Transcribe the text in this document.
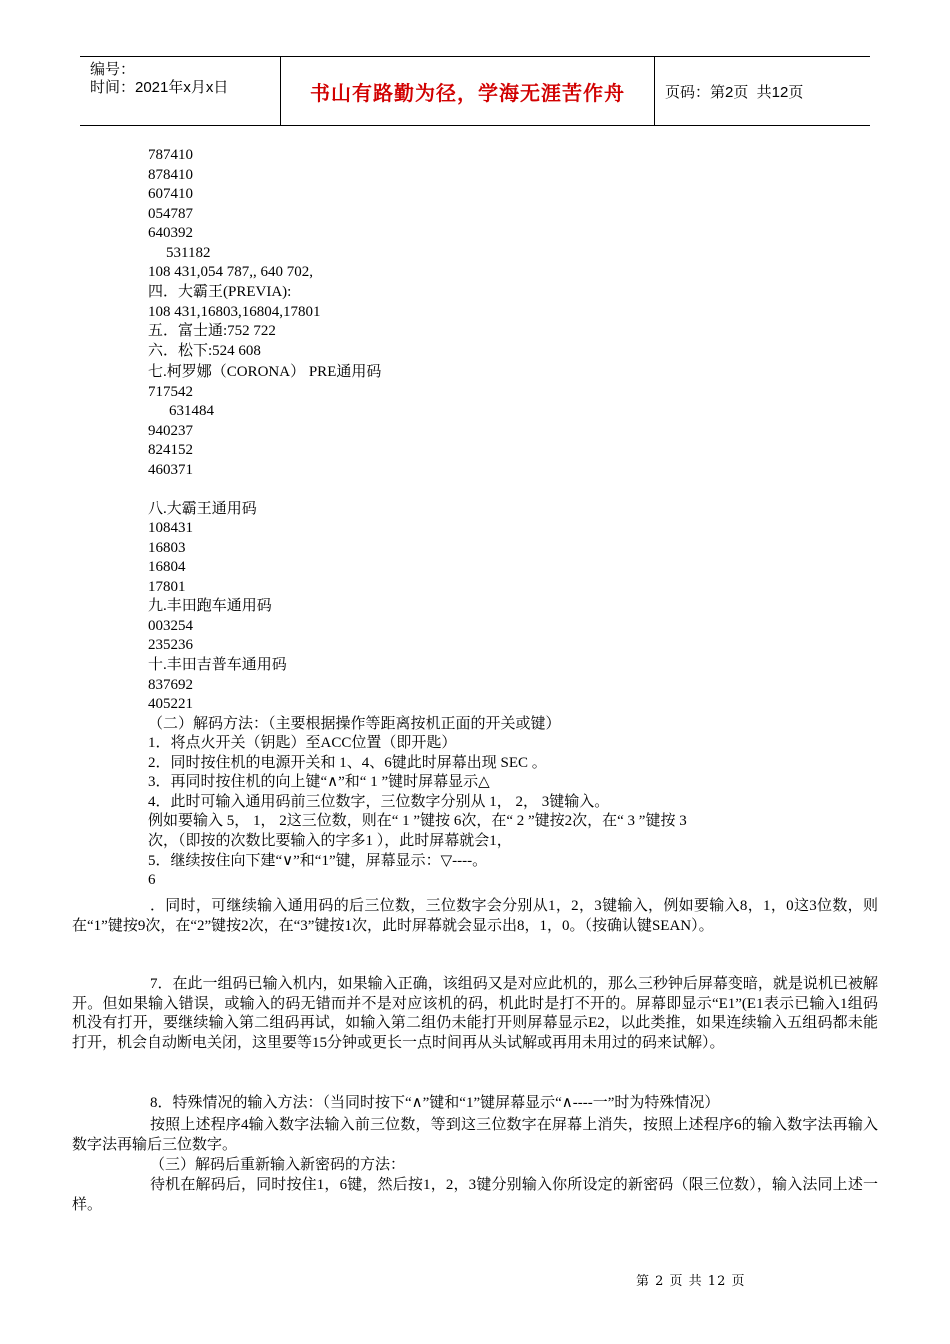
编号：
时间：2021年x月x日	书山有路勤为径，学海无涯苦作舟	页码：第2页  共12页
787410
878410
607410
054787
640392
531182
108 431,054 787,, 640 702,
四．大霸王(PREVIA):
108 431,16803,16804,17801
五．富士通:752 722
六．松下:524 608
七.柯罗娜（CORONA） PRE通用码
717542
631484
940237
824152
460371
八.大霸王通用码
108431
16803
16804
17801
九.丰田跑车通用码
003254
235236
十.丰田吉普车通用码
837692
405221
（二）解码方法：（主要根据操作等距离按机正面的开关或键）
1．将点火开关（钥匙）至ACC位置（即开匙）
2．同时按住机的电源开关和 1、4、6键此时屏幕出现 SEC 。
3．再同时按住机的向上键“∧”和“ 1 ”键时屏幕显示△
4．此时可输入通用码前三位数字，三位数字分别从 1， 2， 3键输入。
例如要输入 5， 1， 2这三位数，则在“ 1 ”键按 6次，在“ 2 ”键按2次，在“ 3 ”键按 3
次，（即按的次数比要输入的字多1 ），此时屏幕就会1，
5．继续按住向下建“∨”和“1”键，屏幕显示：▽----。
6
．同时，可继续输入通用码的后三位数，三位数字会分别从1，2，3键输入，例如要输入8，1，0这3位数，则在“1”键按9次，在“2”键按2次，在“3”键按1次，此时屏幕就会显示出8，1，0。（按确认键SEAN）。
7．在此一组码已输入机内，如果输入正确，该组码又是对应此机的，那么三秒钟后屏幕变暗，就是说机已被解开。但如果输入错误，或输入的码无错而并不是对应该机的码，机此时是打不开的。屏幕即显示“E1”(E1表示已输入1组码机没有打开，要继续输入第二组码再试，如输入第二组仍未能打开则屏幕显示E2，以此类推，如果连续输入五组码都未能打开，机会自动断电关闭，这里要等15分钟或更长一点时间再从头试解或再用未用过的码来试解）。
8．特殊情况的输入方法：（当同时按下“∧”键和“1”键屏幕显示“∧----一”时为特殊情况）
按照上述程序4输入数字法输入前三位数，等到这三位数字在屏幕上消失，按照上述程序6的输入数字法再输入数字法再输后三位数字。
（三）解码后重新输入新密码的方法：
待机在解码后，同时按住1，6键，然后按1，2，3键分别输入你所设定的新密码（限三位数），输入法同上述一样。
第 2 页 共 12 页
